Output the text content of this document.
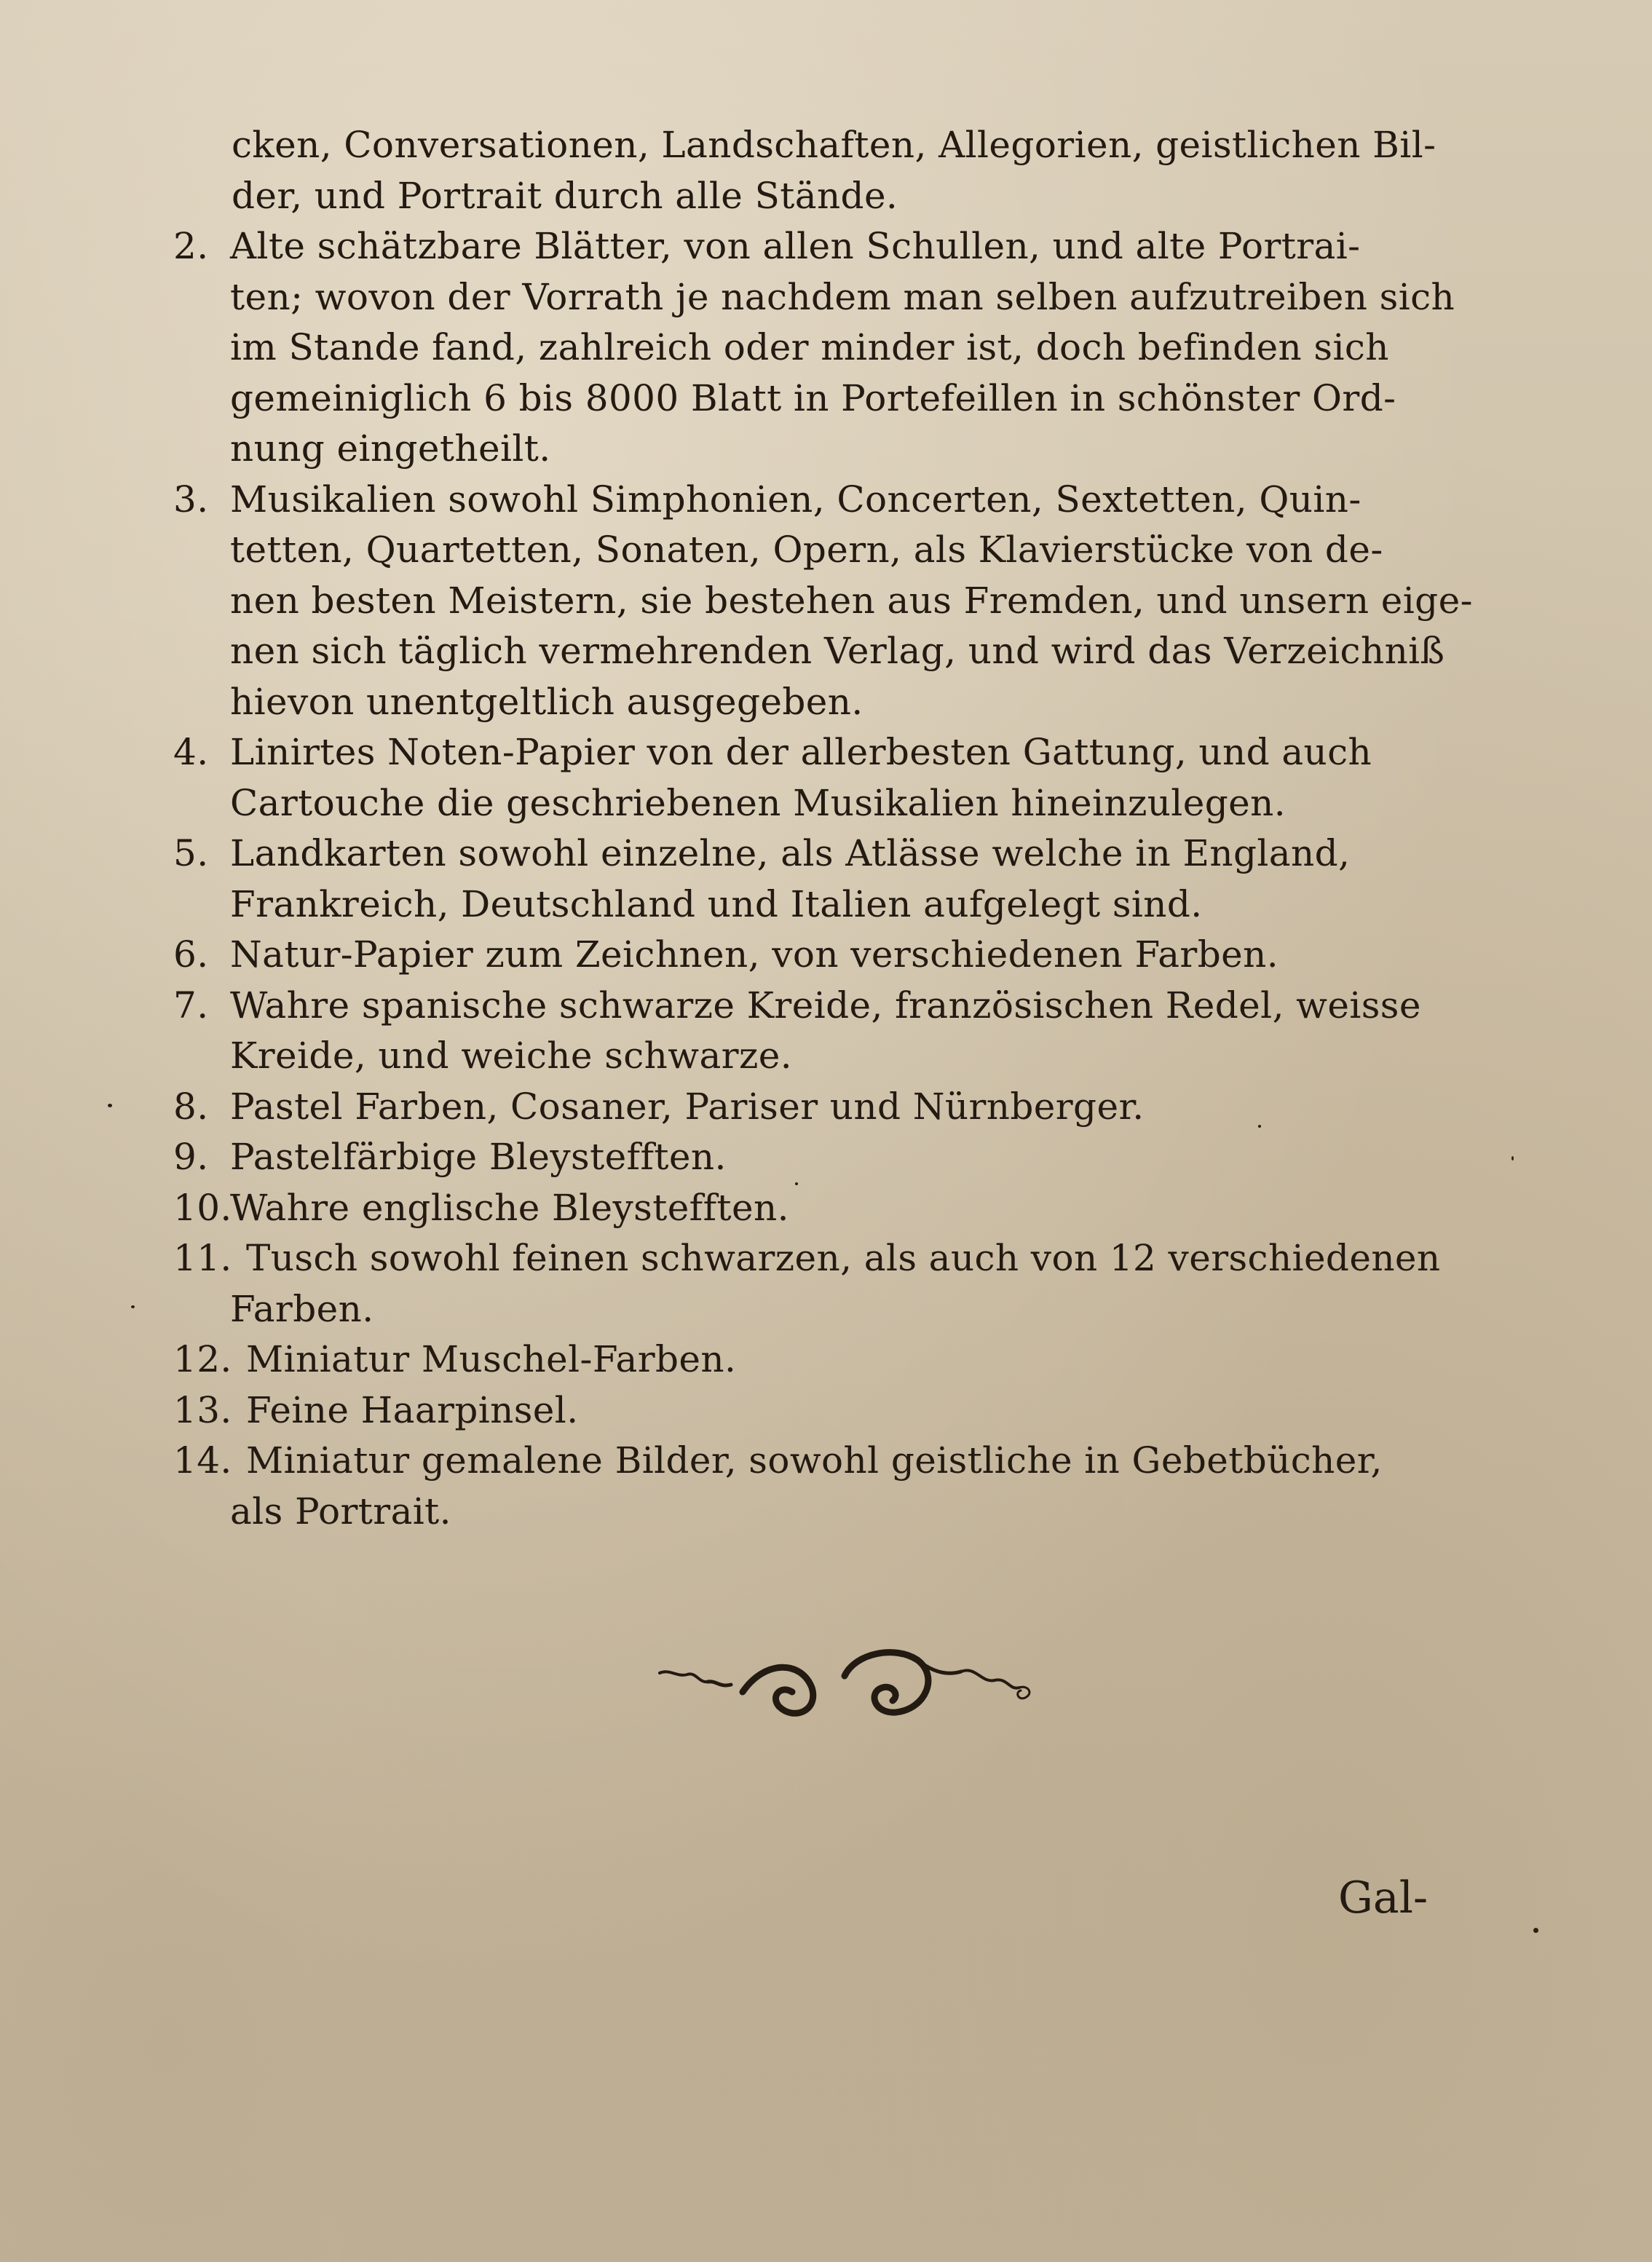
cken, Conversationen, Landschaften, Allegorien, geistlichen Bil-
der, und Portrait durch alle Stände.
2. Alte schätzbare Blätter, von allen Schullen, und alte Portrai-
ten; wovon der Vorrath je nachdem man selben aufzutreiben sich
im Stande fand, zahlreich oder minder ist, doch befinden sich
gemeiniglich 6 bis 8000 Blatt in Portefeillen in schönster Ord-
nung eingetheilt.
3. Musikalien sowohl Simphonien, Concerten, Sextetten, Quin-
tetten, Quartetten, Sonaten, Opern, als Klavierstücke von de-
nen besten Meistern, sie bestehen aus Fremden, und unsern eige-
nen sich täglich vermehrenden Verlag, und wird das Verzeichniß
hievon unentgeltlich ausgegeben.
4. Linirtes Noten-Papier von der allerbesten Gattung, und auch
Cartouche die geschriebenen Musikalien hineinzulegen.
5. Landkarten sowohl einzelne, als Atlässe welche in England,
Frankreich, Deutschland und Italien aufgelegt sind.
6. Natur-Papier zum Zeichnen, von verschiedenen Farben.
7. Wahre spanische schwarze Kreide, französischen Redel, weisse
Kreide, und weiche schwarze.
8. Pastel Farben, Cosaner, Pariser und Nürnberger.
9. Pastelfärbige Bleystefften.
10.
Wahre englische Bleystefften.
11. Tusch sowohl feinen schwarzen, als auch von 12 verschiedenen
Farben.
12. Miniatur Muschel-Farben.
13. Feine Haarpinsel.
14. Miniatur gemalene Bilder, sowohl geistliche in Gebetbücher,
als Portrait.
Gal-
